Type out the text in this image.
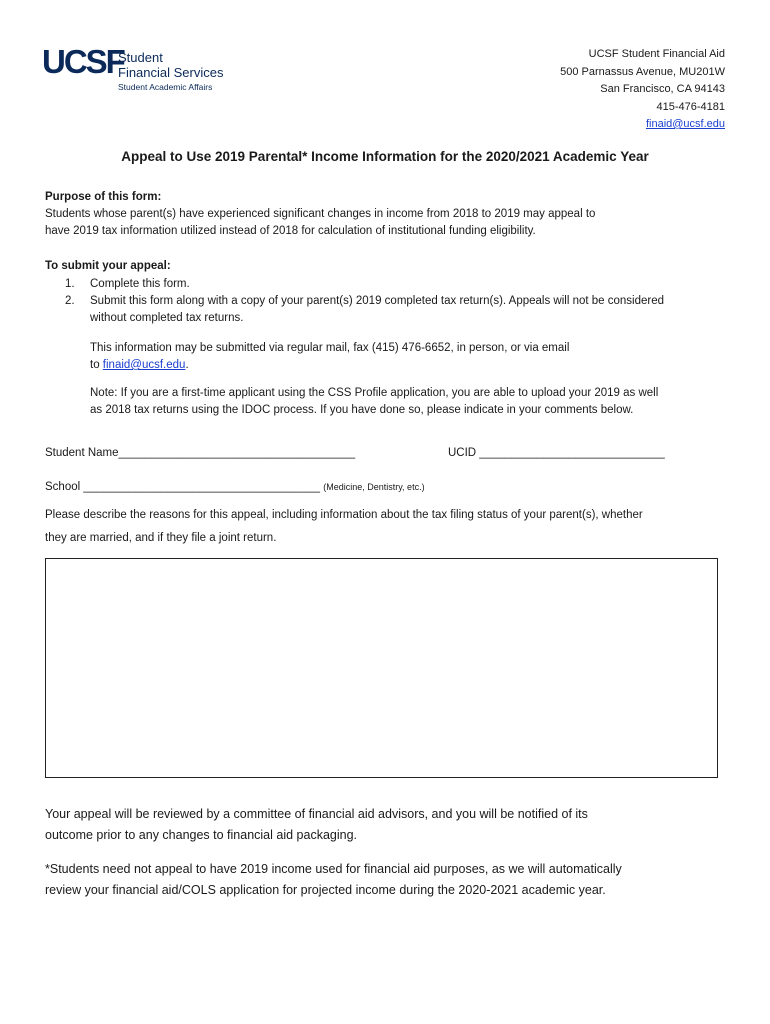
UCSF
Student
Financial Services
Student Academic Affairs
UCSF Student Financial Aid
500 Parnassus Avenue, MU201W
San Francisco, CA 94143
415-476-4181
finaid@ucsf.edu
Appeal to Use 2019 Parental* Income Information for the 2020/2021 Academic Year
Purpose of this form:
Students whose parent(s) have experienced significant changes in income from 2018 to 2019 may appeal to
have 2019 tax information utilized instead of 2018 for calculation of institutional funding eligibility.
To submit your appeal:
1.	Complete this form.
2.	Submit this form along with a copy of your parent(s) 2019 completed tax return(s). Appeals will not be considered
without completed tax returns.
This information may be submitted via regular mail, fax (415) 476-6652, in person, or via email
to finaid@ucsf.edu.
Note: If you are a first-time applicant using the CSS Profile application, you are able to upload your 2019 as well
as 2018 tax returns using the IDOC process. If you have done so, please indicate in your comments below.
Student Name_____________________________________	UCID _____________________________
School _____________________________________ (Medicine, Dentistry, etc.)
Please describe the reasons for this appeal, including information about the tax filing status of your parent(s), whether
they are married, and if they file a joint return.
Your appeal will be reviewed by a committee of financial aid advisors, and you will be notified of its
outcome prior to any changes to financial aid packaging.
*Students need not appeal to have 2019 income used for financial aid purposes, as we will automatically
review your financial aid/COLS application for projected income during the 2020-2021 academic year.
